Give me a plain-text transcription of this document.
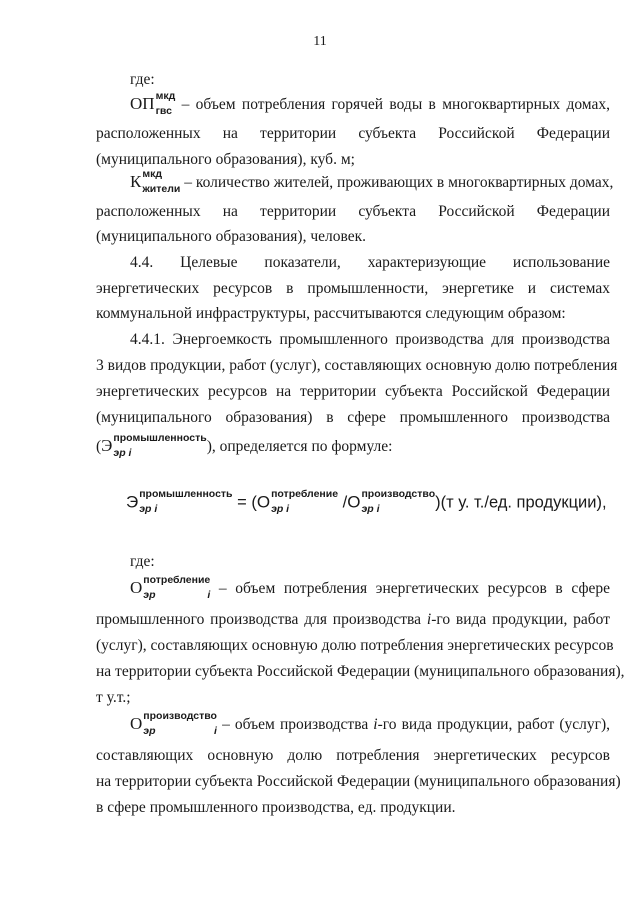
11
где:
ОП мкд
гвс – объем потребления горячей воды в многоквартирных домах,
расположенных на территории субъекта Российской Федерации
(муниципального образования), куб. м;
К мкд
жители – количество жителей, проживающих в многоквартирных домах,
расположенных на территории субъекта Российской Федерации
(муниципального образования), человек.
4.4. Целевые показатели, характеризующие использование
энергетических ресурсов в промышленности, энергетике и системах
коммунальной инфраструктуры, рассчитываются следующим образом:
4.4.1. Энергоемкость промышленного производства для производства
3 видов продукции, работ (услуг), составляющих основную долю потребления
энергетических ресурсов на территории субъекта Российской Федерации
(муниципального образования) в сфере промышленного производства
(Э промышленность
эр i	), определяется по формуле:
Э промышленность
эр i	= (О потребление
эр i	/О производство
эр i	)(т у. т./ед. продукции),
где:
О потребление
эр i – объем потребления энергетических ресурсов в сфере
промышленного производства для производства i-го вида продукции, работ
(услуг), составляющих основную долю потребления энергетических ресурсов
на территории субъекта Российской Федерации (муниципального образования),
т у.т.;
О производство
эр i – объем производства i-го вида продукции, работ (услуг),
составляющих основную долю потребления энергетических ресурсов
на территории субъекта Российской Федерации (муниципального образования)
в сфере промышленного производства, ед. продукции.
